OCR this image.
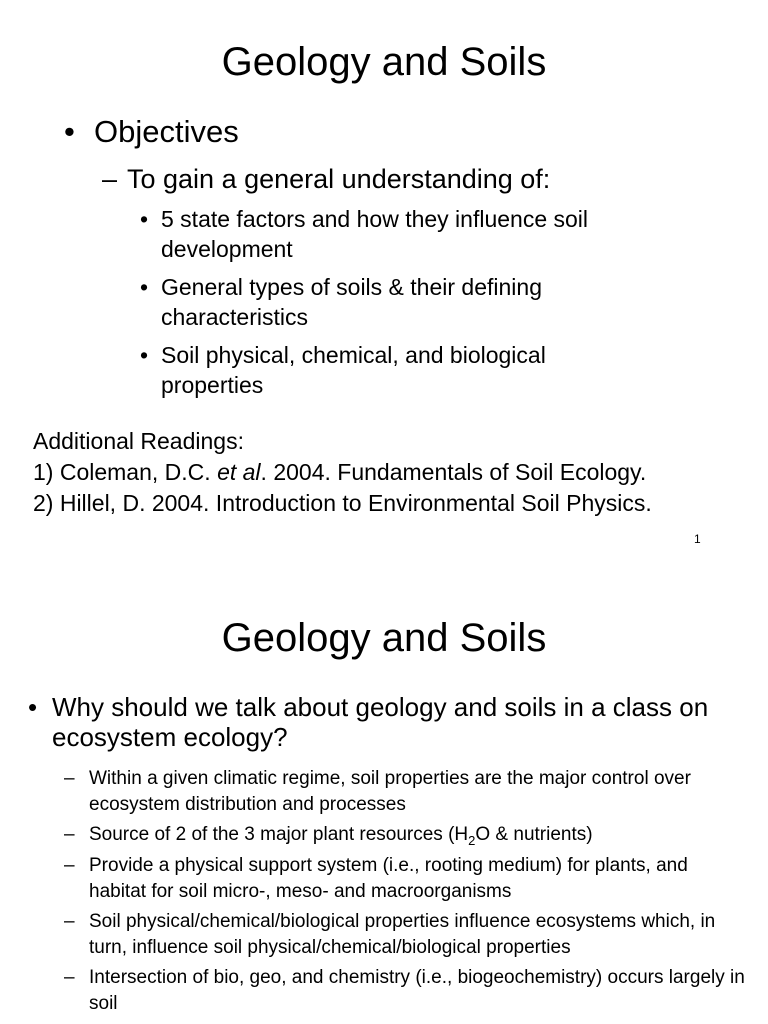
Geology and Soils
• Objectives
– To gain a general understanding of:
• 5 state factors and how they influence soil development
• General types of soils & their defining characteristics
• Soil physical, chemical, and biological properties
Additional Readings:
1) Coleman, D.C. et al. 2004. Fundamentals of Soil Ecology.
2) Hillel, D. 2004. Introduction to Environmental Soil Physics.
1
Geology and Soils
• Why should we talk about geology and soils in a class on ecosystem ecology?
– Within a given climatic regime, soil properties are the major control over ecosystem distribution and processes
– Source of 2 of the 3 major plant resources ($H_2O$ & nutrients)
– Provide a physical support system (i.e., rooting medium) for plants, and habitat for soil micro-, meso- and macroorganisms
– Soil physical/chemical/biological properties influence ecosystems which, in turn, influence soil physical/chemical/biological properties
– Intersection of bio, geo, and chemistry (i.e., biogeochemistry) occurs largely in soil
